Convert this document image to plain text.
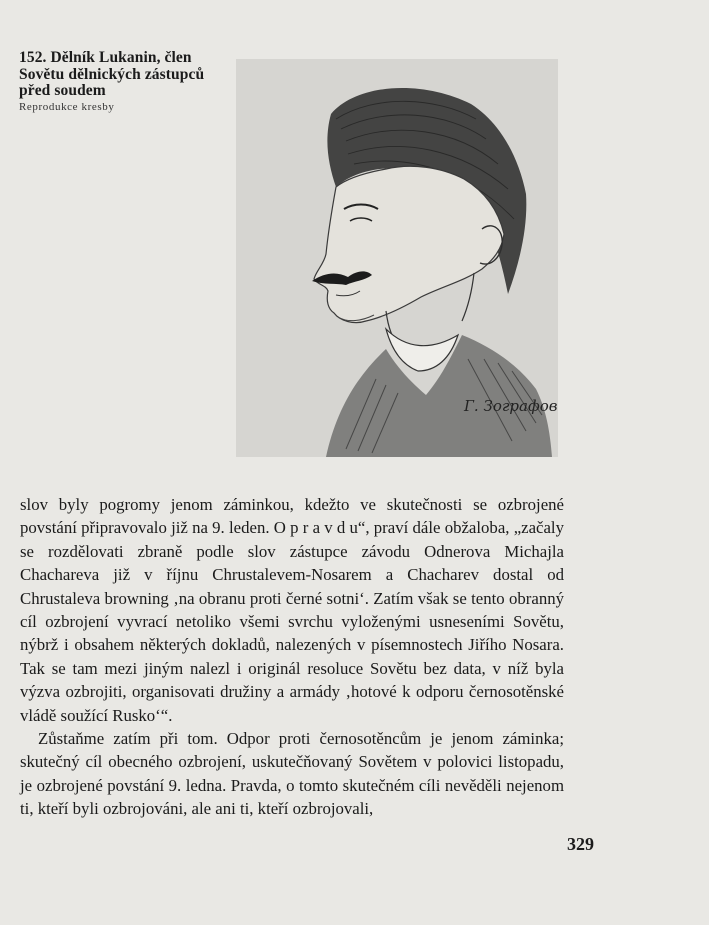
152. Dělník Lukanin, člen Sovětu dělnických zástupců před soudem
Reprodukce kresby
Г. Зографов

slov byly pogromy jenom záminkou, kdežto ve skutečnosti se ozbrojené povstání připravovalo již na 9. leden. O p r a v d u“, praví dále obžaloba, „začaly se rozdělovati zbraně podle slov zástupce závodu Odnerova Michajla Chachareva již v říjnu Chrustalevem-Nosarem a Chacharev dostal od Chrustaleva browning ‚na obranu proti černé sotni‘. Zatím však se tento obranný cíl ozbrojení vyvrací netoliko všemi svrchu vyloženými usneseními Sovětu, nýbrž i obsahem některých dokladů, nalezených v písemnostech Jiřího Nosara. Tak se tam mezi jiným nalezl i originál resoluce Sovětu bez data, v níž byla výzva ozbrojiti, organisovati družiny a armády ‚hotové k odporu černosotěnské vládě soužící Rusko‘“.

Zůstaňme zatím při tom. Odpor proti černosotěncům je jenom záminka; skutečný cíl obecného ozbrojení, uskutečňovaný Sovětem v polovici listopadu, je ozbrojené povstání 9. ledna. Pravda, o tomto skutečném cíli nevěděli nejenom ti, kteří byli ozbrojováni, ale ani ti, kteří ozbrojovali,

329
